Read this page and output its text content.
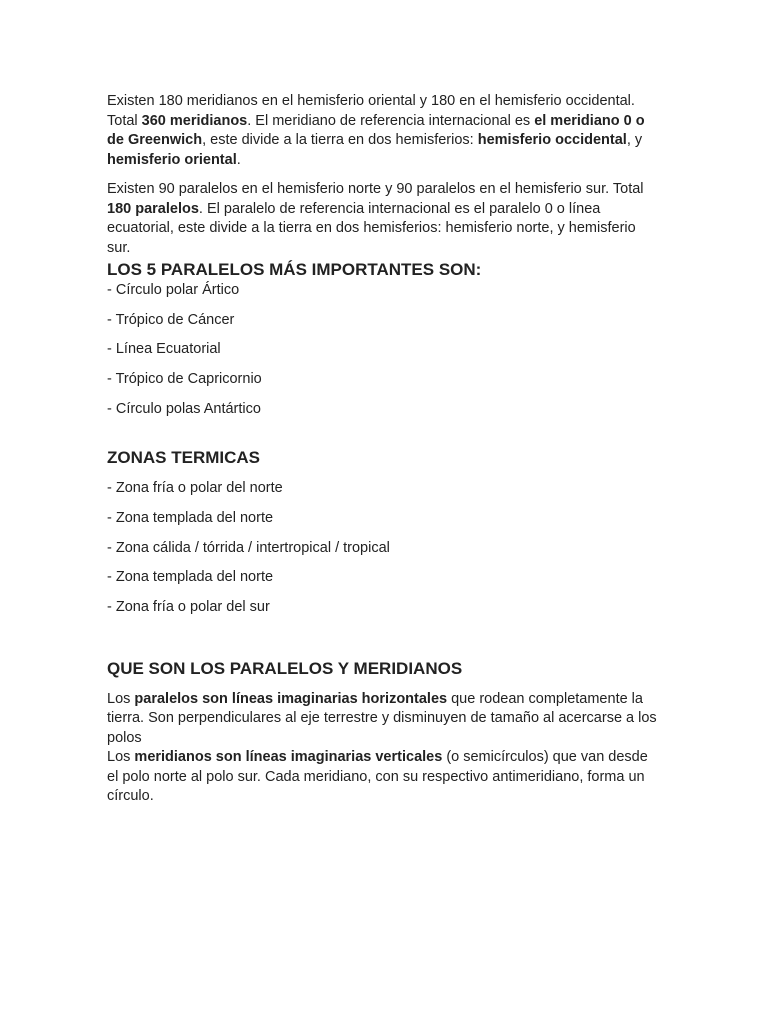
Existen 180 meridianos en el hemisferio oriental y 180 en el hemisferio occidental. Total 360 meridianos. El meridiano de referencia internacional es el meridiano 0 o de Greenwich, este divide a la tierra en dos hemisferios: hemisferio occidental, y hemisferio oriental.

Existen 90 paralelos en el hemisferio norte y 90 paralelos en el hemisferio sur. Total 180 paralelos. El paralelo de referencia internacional es el paralelo 0 o línea ecuatorial, este divide a la tierra en dos hemisferios: hemisferio norte, y hemisferio sur.

LOS 5 PARALELOS MÁS IMPORTANTES SON:

- Círculo polar Ártico

- Trópico de Cáncer

- Línea Ecuatorial

- Trópico de Capricornio

- Círculo polas Antártico

ZONAS TERMICAS

- Zona fría o polar del norte

- Zona templada del norte

- Zona cálida / tórrida / intertropical / tropical

- Zona templada del norte

- Zona fría o polar del sur

QUE SON LOS PARALELOS Y MERIDIANOS

Los paralelos son líneas imaginarias horizontales que rodean completamente la tierra. Son perpendiculares al eje terrestre y disminuyen de tamaño al acercarse a los polos

Los meridianos son líneas imaginarias verticales (o semicírculos) que van desde el polo norte al polo sur. Cada meridiano, con su respectivo antimeridiano, forma un círculo.
